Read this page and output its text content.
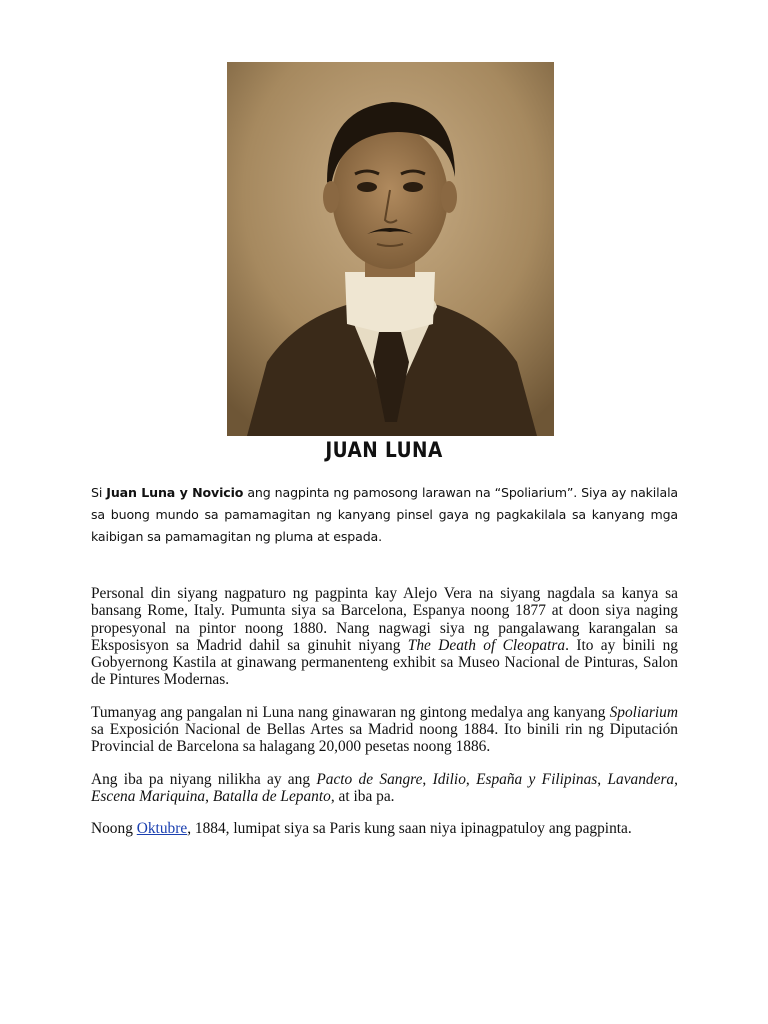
JUAN LUNA
Si Juan Luna y Novicio ang nagpinta ng pamosong larawan na “Spoliarium”. Siya ay nakilala sa buong mundo sa pamamagitan ng kanyang pinsel gaya ng pagkakilala sa kanyang mga kaibigan sa pamamagitan ng pluma at espada.

Personal din siyang nagpaturo ng pagpinta kay Alejo Vera na siyang nagdala sa kanya sa bansang Rome, Italy. Pumunta siya sa Barcelona, Espanya noong 1877 at doon siya naging propesyonal na pintor noong 1880. Nang nagwagi siya ng pangalawang karangalan sa Eksposisyon sa Madrid dahil sa ginuhit niyang The Death of Cleopatra. Ito ay binili ng Gobyernong Kastila at ginawang permanenteng exhibit sa Museo Nacional de Pinturas, Salon de Pintures Modernas.

Tumanyag ang pangalan ni Luna nang ginawaran ng gintong medalya ang kanyang Spoliarium sa Exposición Nacional de Bellas Artes sa Madrid noong 1884. Ito binili rin ng Diputación Provincial de Barcelona sa halagang 20,000 pesetas noong 1886.

Ang iba pa niyang nilikha ay ang Pacto de Sangre, Idilio, España y Filipinas, Lavandera, Escena Mariquina, Batalla de Lepanto, at iba pa.

Noong Oktubre, 1884, lumipat siya sa Paris kung saan niya ipinagpatuloy ang pagpinta.
